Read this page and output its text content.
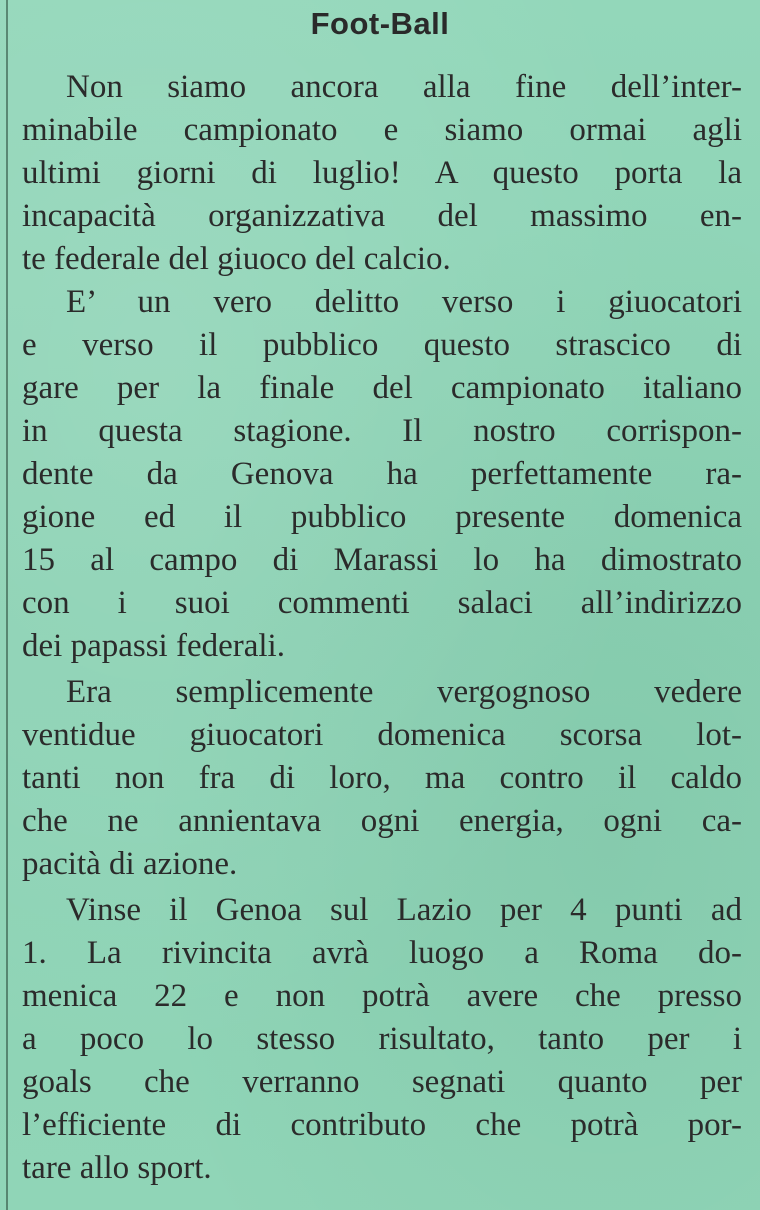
Foot-Ball

Non siamo ancora alla fine dell’inter-

minabile campionato e siamo ormai agli

ultimi giorni di luglio! A questo porta la

incapacità organizzativa del massimo en-

te federale del giuoco del calcio.

E’ un vero delitto verso i giuocatori

e verso il pubblico questo strascico di

gare per la finale del campionato italiano

in questa stagione. Il nostro corrispon-

dente da Genova ha perfettamente ra-

gione ed il pubblico presente domenica

15 al campo di Marassi lo ha dimostrato

con i suoi commenti salaci all’indirizzo

dei papassi federali.

Era semplicemente vergognoso vedere

ventidue giuocatori domenica scorsa lot-

tanti non fra di loro, ma contro il caldo

che ne annientava ogni energia, ogni ca-

pacità di azione.

Vinse il Genoa sul Lazio per 4 punti ad

1. La rivincita avrà luogo a Roma do-

menica 22 e non potrà avere che presso

a poco lo stesso risultato, tanto per i

goals che verranno segnati quanto per

l’efficiente di contributo che potrà por-

tare allo sport.
